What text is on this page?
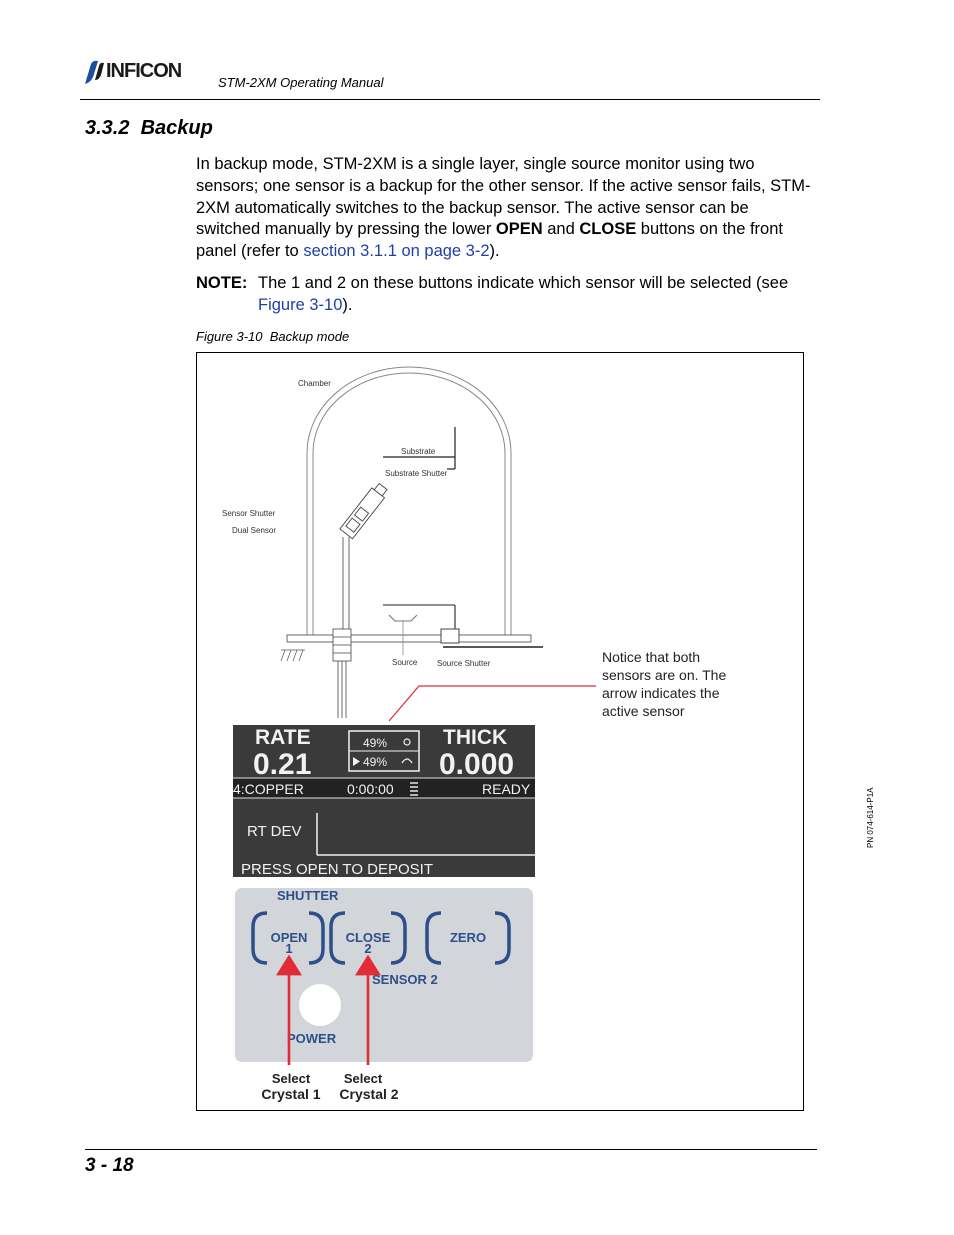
INFICON
STM-2XM Operating Manual
3.3.2  Backup
In backup mode, STM-2XM is a single layer, single source monitor using two sensors; one sensor is a backup for the other sensor. If the active sensor fails, STM-2XM automatically switches to the backup sensor. The active sensor can be switched manually by pressing the lower OPEN and CLOSE buttons on the front panel (refer to section 3.1.1 on page 3-2).
NOTE: The 1 and 2 on these buttons indicate which sensor will be selected (see Figure 3-10).
Figure 3-10  Backup mode
Chamber
Substrate
Substrate Shutter
Sensor Shutter
Dual Sensor
Source Source Shutter	Notice that both
sensors are on. The
arrow indicates the
active sensor
RATE
0.21
THICK
0.000
49%
49%
4:COPPER	0:00:00	READY
RT DEV
PRESS OPEN TO DEPOSIT
SHUTTER
OPEN
1
CLOSE
2
ZERO
SENSOR 2
POWER
Select
Crystal 1
Select
Crystal 2
PN 074-614-P1A
3 - 18
